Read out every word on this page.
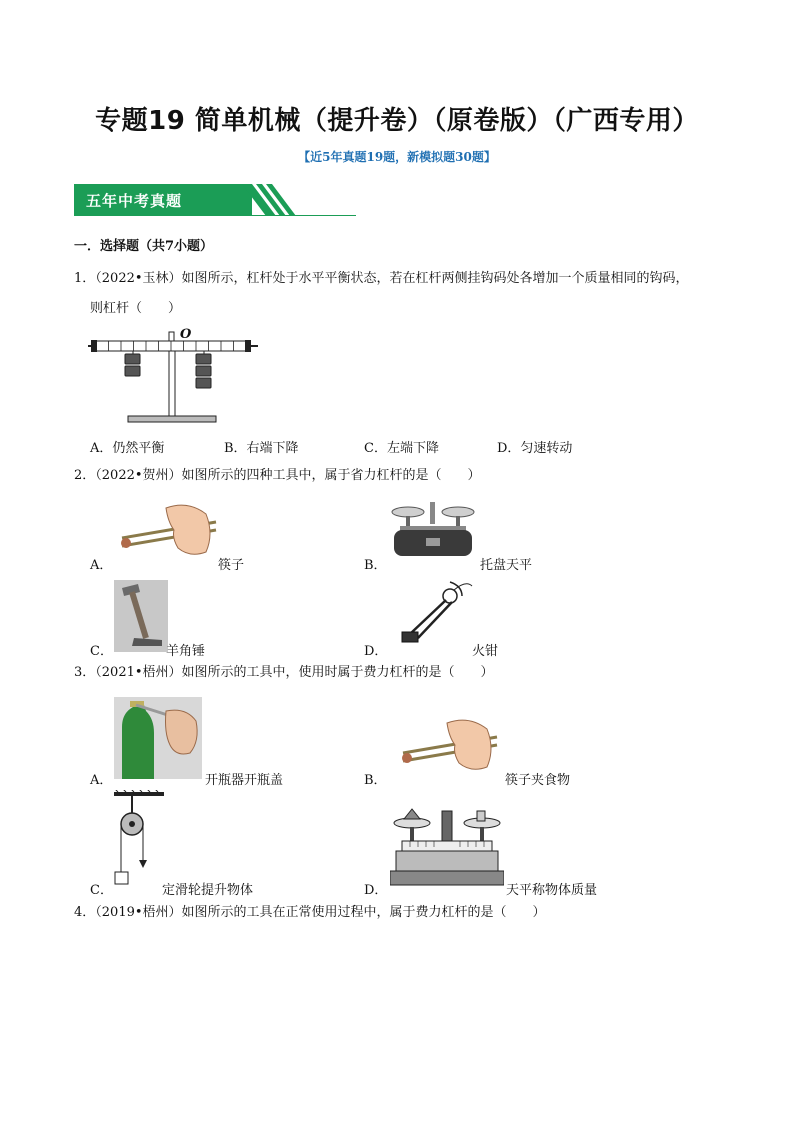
专题19 简单机械（提升卷）（原卷版）（广西专用）
【近5年真题19题，新模拟题30题】
五年中考真题
一．选择题（共7小题）
1．（2022•玉林）如图所示，杠杆处于水平平衡状态，若在杠杆两侧挂钩码处各增加一个质量相同的钩码，
则杠杆（　　）
O
A．仍然平衡	B．右端下降	C．左端下降	D．匀速转动
2．（2022•贺州）如图所示的四种工具中，属于省力杠杆的是（　　）
A．	筷子	B．	托盘天平
C．	羊角锤	D．	火钳
3．（2021•梧州）如图所示的工具中，使用时属于费力杠杆的是（　　）
A．	开瓶器开瓶盖	B．	筷子夹食物
C．	定滑轮提升物体	D．	天平称物体质量
4．（2019•梧州）如图所示的工具在正常使用过程中，属于费力杠杆的是（　　）
